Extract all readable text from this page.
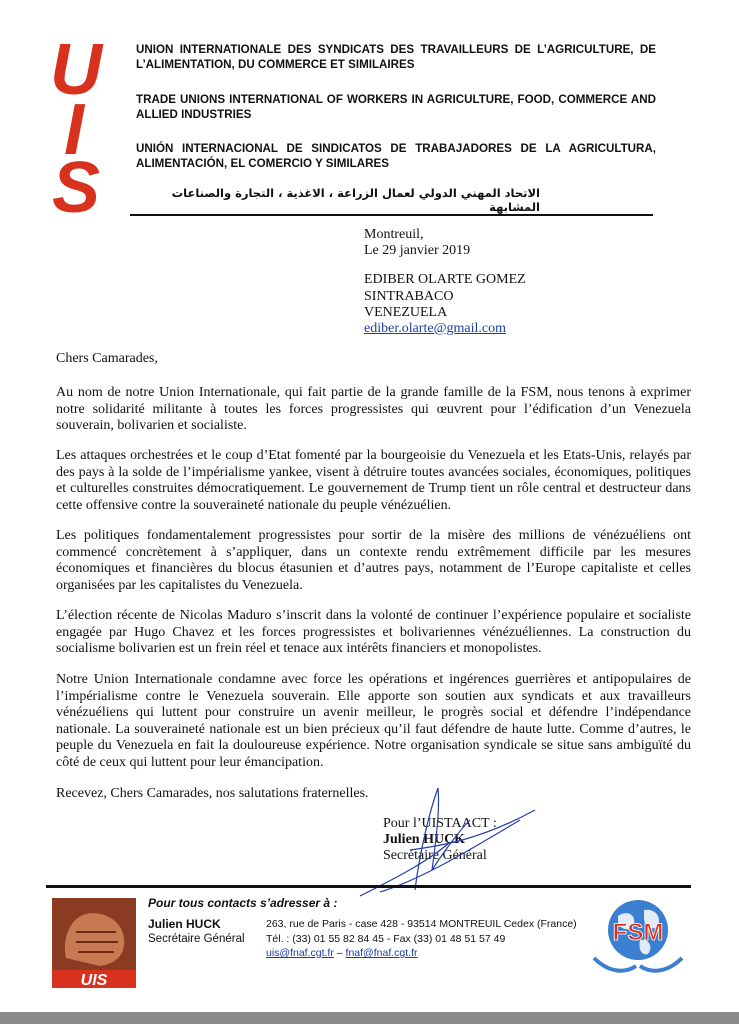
U
I
S
UNION INTERNATIONALE DES SYNDICATS DES TRAVAILLEURS DE L’AGRICULTURE, DE L’ALIMENTATION, DU COMMERCE ET SIMILAIRES
TRADE UNIONS INTERNATIONAL OF WORKERS IN AGRICULTURE, FOOD, COMMERCE AND ALLIED INDUSTRIES
UNIÓN INTERNACIONAL DE SINDICATOS DE TRABAJADORES DE LA AGRICULTURA, ALIMENTACIÓN, EL COMERCIO Y SIMILARES
الاتحاد المهني الدولي لعمال الزراعة ، الاغذية ، التجارة والصناعات المشابهة
Montreuil,
Le 29 janvier 2019
EDIBER OLARTE GOMEZ
SINTRABACO
VENEZUELA
ediber.olarte@gmail.com
Chers Camarades,
Au nom de notre Union Internationale, qui fait partie de la grande famille de la FSM, nous tenons à exprimer notre solidarité militante à toutes les forces progressistes qui œuvrent pour l’édification d’un Venezuela souverain, bolivarien et socialiste.
Les attaques orchestrées et le coup d’Etat fomenté par la bourgeoisie du Venezuela et les Etats-Unis, relayés par des pays à la solde de l’impérialisme yankee, visent à détruire toutes avancées sociales, économiques, politiques et culturelles construites démocratiquement. Le gouvernement de Trump tient un rôle central et destructeur dans cette offensive contre la souveraineté nationale du peuple vénézuélien.
Les politiques fondamentalement progressistes pour sortir de la misère des millions de vénézuéliens ont commencé concrètement à s’appliquer, dans un contexte rendu extrêmement difficile par les mesures économiques et financières du blocus étasunien et d’autres pays, notamment de l’Europe capitaliste et celles organisées par les capitalistes du Venezuela.
L’élection récente de Nicolas Maduro s’inscrit dans la volonté de continuer l’expérience populaire et socialiste engagée par Hugo Chavez et les forces progressistes et bolivariennes vénézuéliennes. La construction du socialisme bolivarien est un frein réel et tenace aux intérêts financiers et monopolistes.
Notre Union Internationale condamne avec force les opérations et ingérences guerrières et antipopulaires de l’impérialisme contre le Venezuela souverain. Elle apporte son soutien aux syndicats et aux travailleurs vénézuéliens qui luttent pour construire un avenir meilleur, le progrès social et défendre l’indépendance nationale. La souveraineté nationale est un bien précieux qu’il faut défendre de haute lutte. Comme d’autres, le peuple du Venezuela en fait la douloureuse expérience. Notre organisation syndicale se situe sans ambiguïté du côté de ceux qui luttent pour leur émancipation.
Recevez, Chers Camarades, nos salutations fraternelles.
Pour l’UISTAACT :
Julien HUCK
Secrétaire Général
UIS
Pour tous contacts s’adresser à :
Julien HUCK
Secrétaire Général
263, rue de Paris - case 428 - 93514 MONTREUIL Cedex (France)
Tél. : (33) 01 55 82 84 45 - Fax (33) 01 48 51 57 49
uis@fnaf.cgt.fr – fnaf@fnaf.cgt.fr
FSM
